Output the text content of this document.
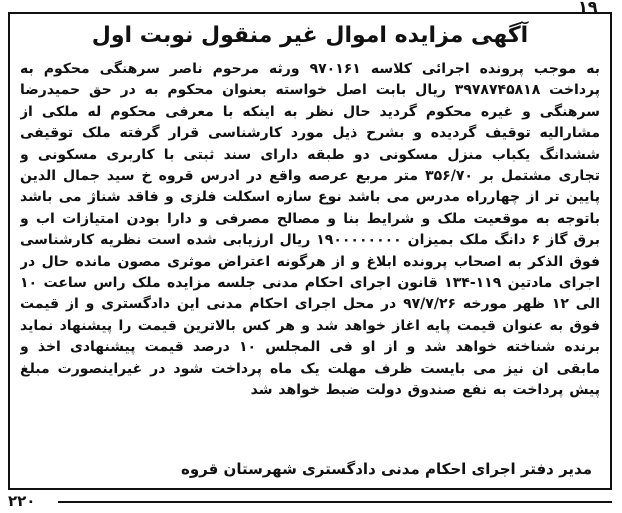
۱۹
آگهی مزایده اموال غیر منقول نوبت اول
به موجب پرونده اجرائی کلاسه ۹۷۰۱۶۱ ورثه مرحوم ناصر سرهنگی محکوم به پرداخت ۳۹۷۸۷۴۵۸۱۸ ریال بابت اصل خواسته بعنوان محکوم به در حق حمیدرضا سرهنگی و غیره محکوم گردید حال نظر به اینکه با معرفی محکوم له ملکی از مشارالیه توقیف گردیده و بشرح ذیل مورد کارشناسی قرار گرفته ملک توقیفی ششدانگ یکباب منزل مسکونی دو طبقه دارای سند ثبتی با کاربری مسکونی و تجاری مشتمل بر ۳۵۶/۷۰ متر مربع عرصه واقع در ادرس قروه خ سید جمال الدین پایین تر از چهارراه مدرس می باشد نوع سازه اسکلت فلزی و فاقد شناژ می باشد باتوجه به موقعیت ملک و شرایط بنا و مصالح مصرفی و دارا بودن امتیازات اب و برق گاز ۶ دانگ ملک بمیزان ۱۹۰۰۰۰۰۰۰۰ ریال ارزیابی شده است نظریه کارشناسی فوق الذکر به اصحاب پرونده ابلاغ و از هرگونه اعتراض موثری مصون مانده حال در اجرای مادتین ۱۱۹-۱۳۴ قانون اجرای احکام مدنی جلسه مزایده ملک راس ساعت ۱۰ الی ۱۲ ظهر مورخه ۹۷/۷/۲۶ در محل اجرای احکام مدنی این دادگستری و از قیمت فوق به عنوان قیمت پایه اغاز خواهد شد و هر کس بالاترین قیمت را پیشنهاد نماید برنده شناخته خواهد شد و از او فی المجلس ۱۰ درصد قیمت پیشنهادی اخذ و مابقی ان نیز می بایست ظرف مهلت یک ماه پرداخت شود در غیراینصورت مبلغ پیش پرداخت به نفع صندوق دولت ضبط خواهد شد

مدیر دفتر اجرای احکام مدنی دادگستری شهرستان قروه

۲۲۰
